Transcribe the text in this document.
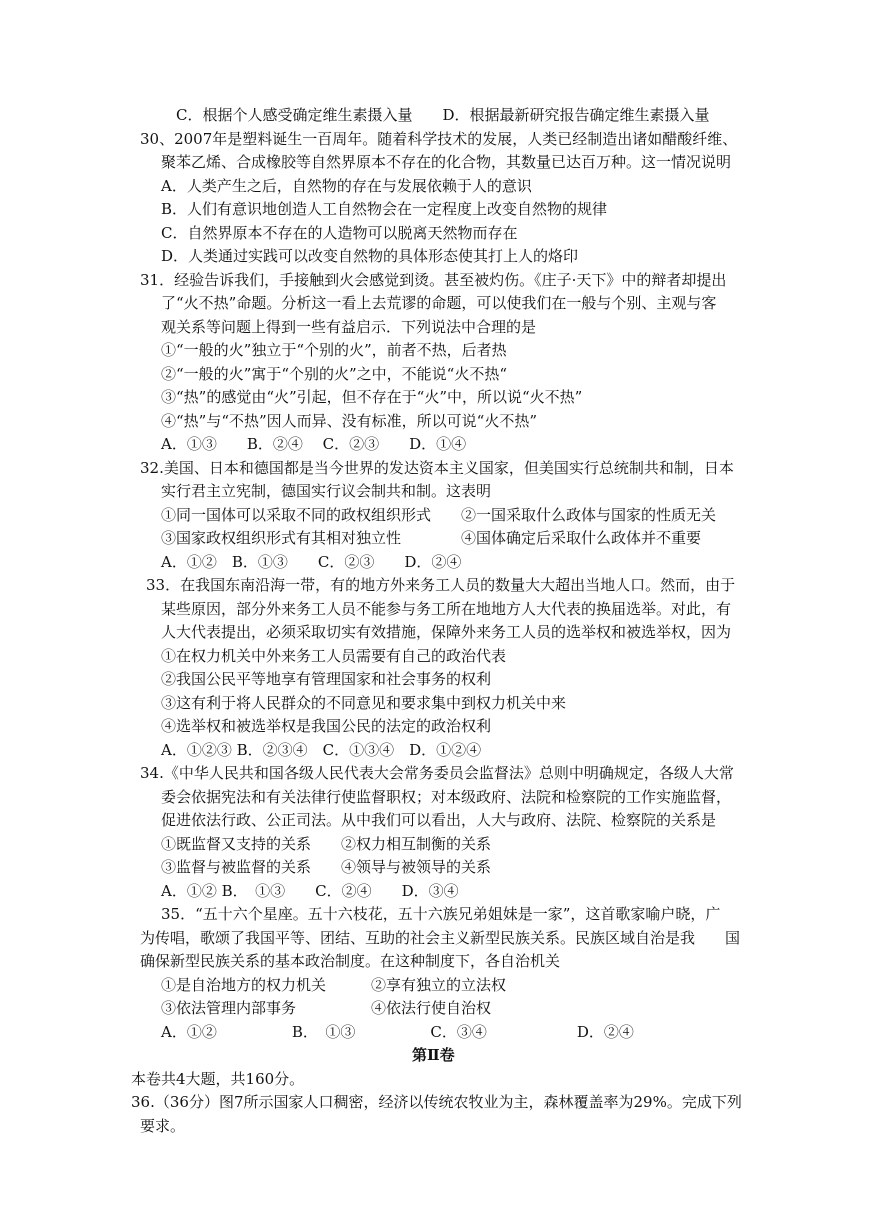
C．根据个人感受确定维生素摄入量　　D．根据最新研究报告确定维生素摄入量
30、2007年是塑料诞生一百周年。随着科学技术的发展，人类已经制造出诸如醋酸纤维、
聚苯乙烯、合成橡胶等自然界原本不存在的化合物，其数量已达百万种。这一情况说明
A．人类产生之后，自然物的存在与发展依赖于人的意识
B．人们有意识地创造人工自然物会在一定程度上改变自然物的规律
C．自然界原本不存在的人造物可以脱离天然物而存在
D．人类通过实践可以改变自然物的具体形态使其打上人的烙印
31．经验告诉我们，手接触到火会感觉到烫。甚至被灼伤。《庄子·天下》中的辩者却提出
了“火不热”命题。分析这一看上去荒谬的命题，可以使我们在一般与个别、主观与客
观关系等问题上得到一些有益启示．下列说法中合理的是
①“一般的火”独立于“个别的火”，前者不热，后者热
②“一般的火”寓于“个别的火”之中，不能说“火不热“
③“热”的感觉由“火”引起，但不存在于“火”中，所以说“火不热”
④“热”与“不热”因人而异、没有标准，所以可说“火不热”
A．①③　　B．②④　 C．②③　　D．①④
32.美国、日本和德国都是当今世界的发达资本主义国家，但美国实行总统制共和制，日本
实行君主立宪制，德国实行议会制共和制。这表明
①同一国体可以采取不同的政权组织形式　　②一国采取什么政体与国家的性质无关
③国家政权组织形式有其相对独立性　　　　④国体确定后采取什么政体并不重要
A．①②　B．①③　　C．②③　　D．②④
33．在我国东南沿海一带，有的地方外来务工人员的数量大大超出当地人口。然而，由于
某些原因，部分外来务工人员不能参与务工所在地地方人大代表的换届选举。对此，有
人大代表提出，必须采取切实有效措施，保障外来务工人员的选举权和被选举权，因为
①在权力机关中外来务工人员需要有自己的政治代表
②我国公民平等地享有管理国家和社会事务的权利
③这有利于将人民群众的不同意见和要求集中到权力机关中来
④选举权和被选举权是我国公民的法定的政治权利
A．①②③ B．②③④　C．①③④　D．①②④
34.《中华人民共和国各级人民代表大会常务委员会监督法》总则中明确规定，各级人大常
委会依据宪法和有关法律行使监督职权；对本级政府、法院和检察院的工作实施监督，
促进依法行政、公正司法。从中我们可以看出，人大与政府、法院、检察院的关系是
①既监督又支持的关系　　②权力相互制衡的关系
③监督与被监督的关系　　④领导与被领导的关系
A．①② B．　①③　　C．②④　　D．③④
35．“五十六个星座。五十六枝花，五十六族兄弟姐妹是一家”，这首歌家喻户晓，广
为传唱，歌颂了我国平等、团结、互助的社会主义新型民族关系。民族区域自治是我　　国
确保新型民族关系的基本政治制度。在这种制度下，各自治机关
①是自治地方的权力机关　　　②享有独立的立法权
③依法管理内部事务　　　　　④依法行使自治权
A．①②　　　　　B．　①③　　　　　C．③④　　　　　　D．②④
第Ⅱ卷
本卷共4大题，共160分。
36.（36分）图7所示国家人口稠密，经济以传统农牧业为主，森林覆盖率为29%。完成下列
要求。
